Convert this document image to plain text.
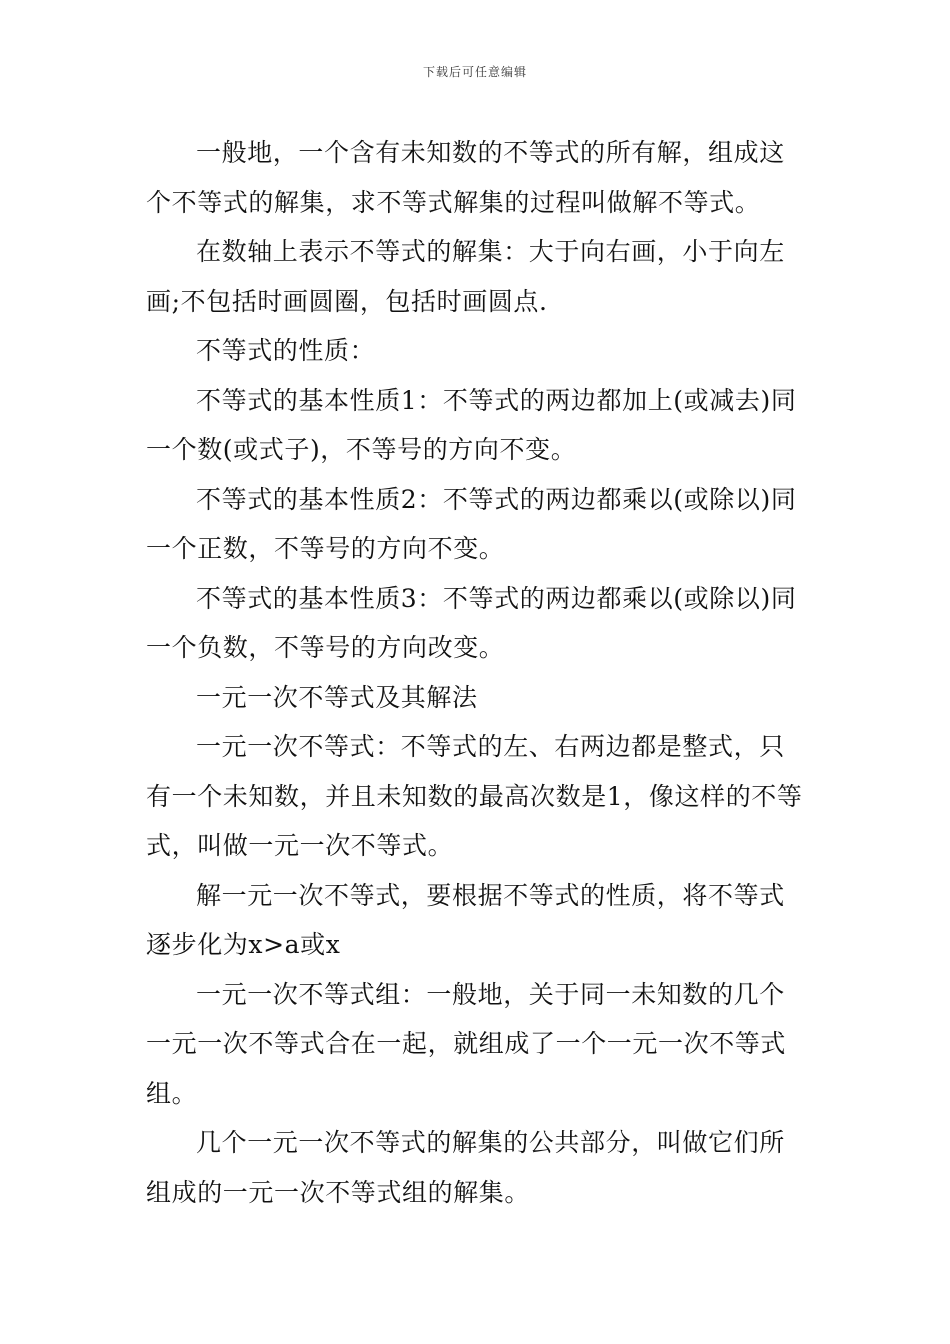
下载后可任意编辑

一般地，一个含有未知数的不等式的所有解，组成这个不等式的解集，求不等式解集的过程叫做解不等式。

在数轴上表示不等式的解集：大于向右画，小于向左画;不包括时画圆圈，包括时画圆点.

不等式的性质：

不等式的基本性质1：不等式的两边都加上(或减去)同一个数(或式子)，不等号的方向不变。

不等式的基本性质2：不等式的两边都乘以(或除以)同一个正数，不等号的方向不变。

不等式的基本性质3：不等式的两边都乘以(或除以)同一个负数，不等号的方向改变。

一元一次不等式及其解法

一元一次不等式：不等式的左、右两边都是整式，只有一个未知数，并且未知数的最高次数是1，像这样的不等式，叫做一元一次不等式。

解一元一次不等式，要根据不等式的性质，将不等式逐步化为x>a或x

一元一次不等式组：一般地，关于同一未知数的几个一元一次不等式合在一起，就组成了一个一元一次不等式组。

几个一元一次不等式的解集的公共部分，叫做它们所组成的一元一次不等式组的解集。
